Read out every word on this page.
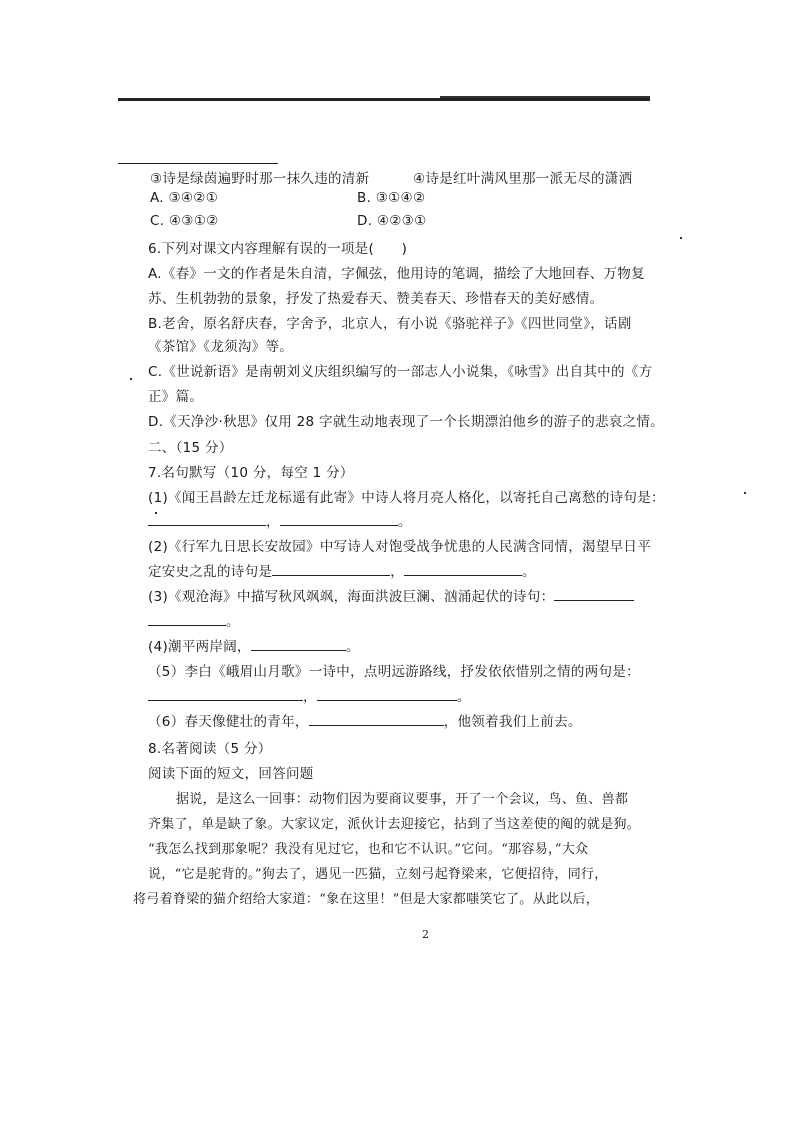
③诗是绿茵遍野时那一抹久违的清新	④诗是红叶满风里那一派无尽的潇洒
A. ③④②①	B. ③①④②
C. ④③①②	D. ④②③①
6.下列对课文内容理解有误的一项是(　　)
A.《春》一文的作者是朱自清，字佩弦，他用诗的笔调，描绘了大地回春、万物复
苏、生机勃勃的景象，抒发了热爱春天、赞美春天、珍惜春天的美好感情。
B.老舍，原名舒庆春，字舍予，北京人，有小说《骆驼祥子》《四世同堂》，话剧
《茶馆》《龙须沟》等。
C.《世说新语》是南朝刘义庆组织编写的一部志人小说集，《咏雪》出自其中的《方
正》篇。
D.《天净沙·秋思》仅用 28 字就生动地表现了一个长期漂泊他乡的游子的悲哀之情。
二、（15 分）
7.名句默写（10 分，每空 1 分）
(1)《闻王昌龄左迁龙标遥有此寄》中诗人将月亮人格化，以寄托自己离愁的诗句是：
，	。
(2)《行军九日思长安故园》中写诗人对饱受战争忧患的人民满含同情，渴望早日平
定安史之乱的诗句是	，	。
(3)《观沧海》中描写秋风飒飒，海面洪波巨澜、汹涌起伏的诗句：
。
(4)潮平两岸阔，	。
（5）李白《峨眉山月歌》一诗中，点明远游路线，抒发依依惜别之情的两句是：
，	。
（6）春天像健壮的青年，	，他领着我们上前去。
8.名著阅读（5 分）
阅读下面的短文，回答问题
据说，是这么一回事：动物们因为要商议要事，开了一个会议，鸟、鱼、兽都
齐集了，单是缺了象。大家议定，派伙计去迎接它，拈到了当这差使的阄的就是狗。
“我怎么找到那象呢？我没有见过它，也和它不认识。”它问。“那容易，”大众
说，“它是驼背的。”狗去了，遇见一匹猫，立刻弓起脊梁来，它便招待，同行，
将弓着脊梁的猫介绍给大家道：“象在这里！”但是大家都嗤笑它了。从此以后，
2
